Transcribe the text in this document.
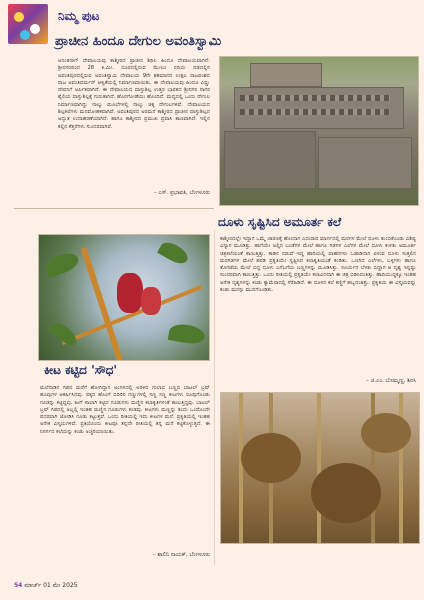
ನಿಮ್ಮ ಪುಟ
ಪ್ರಾಚೀನ ಹಿಂದೂ ದೇಗುಲ ಅವಂತಿಸ್ವಾಮಿ
ಅನಂತನಾಗ್ ದೇವಾಲಯವು ಕಾಶ್ಮೀರದ ಪ್ರಾಚೀನ ಶಿಥಿಲ ಹಿಂದೂ ದೇವಾಲಯವಾಗಿದೆ. ಶ್ರೀನಗರದಿಂದ 28 ಕಿ.ಮೀ. ದೂರದಲ್ಲಿರುವ ಝೇಲಂ ನದಿಯ ದಡದಲ್ಲಿನ ಅವಂತಿಪುರದಲ್ಲಿರುವ ಅವಂತಿಸ್ವಾಮಿ ದೇವಾಲಯ 9ನೇ ಶತಮಾನದ ಉತ್ಪಲ ರಾಜವಂಶದ ರಾಜ ಅವಂತಿವರ್ಮನ್ ಆಳ್ವಿಕೆಯಲ್ಲಿ ನಿರ್ಮಾಣವಾಯಿತು. ಈ ದೇವಾಲಯವು ಹಿಂದೂ ವಿಷ್ಣು ದೇವನಿಗೆ ಅರ್ಪಿತವಾಗಿದೆ. ಈ ದೇವಾಲಯದ ವಾಸ್ತುಶಿಲ್ಪ ಉತ್ತರ ಭಾರತದ ಶ್ರೀನಗರ ನಾಗರ ಶೈಲಿಯ ವಾಸ್ತುಶಿಲ್ಪಕ್ಕೆ ಗುರುತಾಗಿದೆ. ಹೊರಗೋಡೆಯು ಹೊಂದಿದೆ. ಮಧ್ಯದಲ್ಲಿ ಒಂದು ದೇಗುಲ ನಿರ್ಮಾಣವಾಗಿದ್ದು ನಾಲ್ಕು ಮೂಲೆಗಳಲ್ಲಿ ನಾಲ್ಕು ಚಿಕ್ಕ ದೇಗುಲಗಳಿವೆ. ದೇವಾಲಯದ ಶಿಲ್ಪಕಲೆಗಳು ಮನಮೋಹಕವಾಗಿವೆ. ಅವಂತಿಪುರದ ಅರಮನೆ ಕಾಶ್ಮೀರದ ಪ್ರಾಚೀನ ವಾಸ್ತುಶಿಲ್ಪದ ಅದ್ಭುತ ಉದಾಹರಣೆಯಾಗಿದೆ. ಹಾಗೂ ಕಾಶ್ಮೀರದ ಪ್ರಮುಖ ಪ್ರವಾಸಿ ತಾಣವಾಗಿದೆ. ಇಲ್ಲಿನ ಕಲ್ಲಿನ ಕೆತ್ತನೆಗಳು ಸುಂದರವಾಗಿವೆ.
– ಎಸ್. ಪ್ರಭಾವತಿ, ಬೆಂಗಳೂರು
ದೂಳು ಸೃಷ್ಟಿಸಿದ ಅಮೂರ್ತ ಕಲೆ
ಕಾಶ್ಮೀರದಲ್ಲೇ ಇದ್ದಾಗ ಒಮ್ಮೆ ಚಾರಣಕ್ಕೆ ಹೋದಾಗ ಎದುರಾದ ಮಾರ್ಗದಲ್ಲಿ ಮರಗಳ ಮೇಲೆ ಧೂಳು ತುಂಬಿಕೊಂಡು ವಿಶಿಷ್ಟ ವಿನ್ಯಾಸ ಮೂಡಿತ್ತು. ಹಾಗೆಯೇ ಅಲ್ಲಿನ ಬಂಡೆಗಳ ಮೇಲೆ ಹಾಗೂ ಗಿಡಗಳ ಎಲೆಗಳ ಮೇಲೆ ಧೂಳು ಕುಳಿತು ಅಮೂರ್ತ ಚಿತ್ರಕಲೆಯಂತೆ ಕಾಣುತ್ತಿತ್ತು. ಕಾಡಿನ ನಡುವೆ ಇದ್ದ ಹಾದಿಯಲ್ಲಿ ವಾಹನಗಳು ಓಡಾಡಿದಾಗ ಏಳುವ ಧೂಳು ಸುತ್ತಲಿನ ಮರಗಿಡಗಳ ಮೇಲೆ ಹರಡಿ ಪ್ರಕೃತಿಯೇ ಸೃಷ್ಟಿಸಿದ ಕಲಾಕೃತಿಯಂತೆ ಕಂಡಿತು. ಒಣಗಿದ ಎಲೆಗಳು, ಬಳ್ಳಿಗಳು ಹಾಗೂ ತೊಗಟೆಯ ಮೇಲೆ ಬಿದ್ದ ಧೂಳು ಬಗೆಬಗೆಯ ಬಣ್ಣಗಳನ್ನು ಮೂಡಿಸಿತ್ತು. ಸೂರ್ಯನ ಬೆಳಕು ಬಿದ್ದಾಗ ಆ ದೃಶ್ಯ ಇನ್ನಷ್ಟು ಸುಂದರವಾಗಿ ಕಾಣುತ್ತಿತ್ತು. ಒಂದು ರೀತಿಯಲ್ಲಿ ಪ್ರಕೃತಿಯೇ ಕಲಾವಿದನಾಗಿ ಈ ಚಿತ್ರ ಬಿಡಿಸಿದಂತಿತ್ತು. ಹಾದಿಯುದ್ದಕ್ಕೂ ಇಂತಹ ಅನೇಕ ದೃಶ್ಯಗಳನ್ನು ಕಂಡು ಕ್ಯಾಮೆರಾದಲ್ಲಿ ಸೆರೆಹಿಡಿದೆ. ಈ ಧೂಳಿನ ಕಲೆ ಕಣ್ಣಿಗೆ ಹಬ್ಬದಂತಿತ್ತು. ಪ್ರಕೃತಿಯ ಈ ವಿಸ್ಮಯವನ್ನು ಕಂಡು ಮನಸ್ಸು ಮುದಗೊಂಡಿತು.
– ಜಿ.ಎಂ. ಬೊಮ್ಮಣ್ಣ, ಶಿರಸಿ
ಕೀಟ ಕಟ್ಟಿದ 'ಸೌಧ'
ಮಲೆನಾಡಿನ ಗಿಡದ ಮರೆಗೆ ಹೋಗಿದ್ದಾಗ ಅಂಗಳದಲ್ಲಿ ಅರಳಿದ ಗುಲಾಬಿ ಬಣ್ಣದ ಬಾಟಲ್ ಬ್ರಷ್ ಹೂವುಗಳ ಆಕರ್ಷಿಸಿದವು. ಪಕ್ಕದ ಹೊಂಗೆ ಬಿದಿರಿನ ಗಣ್ಣುಗಳಲ್ಲಿ ಸಣ್ಣ ಸಣ್ಣ ಕೀಟಗಳು ರೂಪುಗೊಂಡು ಗೂಡನ್ನು ಕಟ್ಟಿದ್ದವು. ಹೀಗೆ ಸಾಲಾಗಿ ಕಟ್ಟಿದ ಗೂಡುಗಳು ಮಣ್ಣಿನ ಕಲಾಕೃತಿಗಳಂತೆ ಕಾಣುತ್ತಿದ್ದವು. ಬಾಟಲ್ ಬ್ರಷ್ ಗಿಡದಲ್ಲಿ ಅಲ್ಲಲ್ಲಿ ಇಂತಹ ಮಣ್ಣಿನ ಗೂಡುಗಳು ಕಂಡವು. ಕೀಟಗಳು ಮಣ್ಣನ್ನು ತಂದು ಒಂದೊಂದೇ ಪದರವಾಗಿ ಜೋಡಿಸಿ ಗೂಡು ಕಟ್ಟುತ್ತವೆ. ಒಂದು ರೀತಿಯಲ್ಲಿ ಇದು ಕೀಟಗಳ ಮನೆ. ಪ್ರಕೃತಿಯಲ್ಲಿ ಇಂತಹ ಅನೇಕ ವಿಸ್ಮಯಗಳಿವೆ. ಪ್ರತಿಯೊಂದು ಕೀಟವೂ ತನ್ನದೇ ರೀತಿಯಲ್ಲಿ ತನ್ನ ಮನೆ ಕಟ್ಟಿಕೊಳ್ಳುತ್ತದೆ. ಈ ನಿಸರ್ಗದ ಕಲೆಯನ್ನು ಕಂಡು ಅಚ್ಚರಿಯಾಯಿತು.
– ಶಾಲಿನಿ ನಾಯಕ್, ಬೆಂಗಳೂರು
54 ಮಾರ್ಚ್ 01 ಮೇ 2025
